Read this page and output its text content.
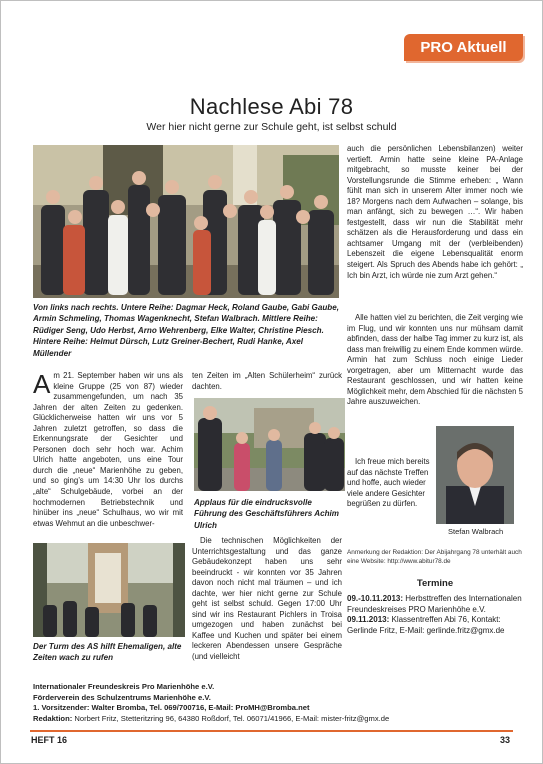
PRO Aktuell
Nachlese Abi 78
Wer hier nicht gerne zur Schule geht, ist selbst schuld
Von links nach rechts. Untere Reihe: Dagmar Heck, Roland Gaube, Gabi Gaube, Armin Schmeling, Thomas Wagenknecht, Stefan Walbrach. Mittlere Reihe: Rüdiger Seng, Udo Herbst, Arno Wehrenberg, Elke Walter, Christine Piesch. Hintere Reihe: Helmut Dürsch, Lutz Greiner-Bechert, Rudi Hanke, Axel Müllender
A m 21. September haben wir uns als kleine Gruppe (25 von 87) wieder zusammengefunden, um nach 35 Jahren der alten Zeiten zu gedenken. Glücklicherweise hatten wir uns vor 5 Jahren zuletzt getroffen, so dass die Erkennungsrate der Gesichter und Personen doch sehr hoch war. Achim Ulrich hatte angeboten, uns eine Tour durch die „neue“ Marienhöhe zu geben, und so ging’s um 14:30 Uhr los durchs „alte“ Schulgebäude, vorbei an der hochmodernen Betriebstechnik und hinüber ins „neue“ Schulhaus, wo wir mit etwas Wehmut an die unbeschwer-
Der Turm des AS hilft Ehemaligen, alte Zeiten wach zu rufen
ten Zeiten im „Alten Schülerheim“ zurück dachten.
Applaus für die eindrucksvolle Führung des Geschäftsführers Achim Ulrich
Die technischen Möglichkeiten der Unterrichtsgestaltung und das ganze Gebäudekonzept haben uns sehr beeindruckt - wir konnten vor 35 Jahren davon noch nicht mal träumen – und ich dachte, wer hier nicht gerne zur Schule geht ist selbst schuld. Gegen 17:00 Uhr sind wir ins Restaurant Pichlers in Troisa umgezogen und haben zunächst bei Kaffee und Kuchen und später bei einem leckeren Abendessen unsere Gespräche (und vielleicht
auch die persönlichen Lebensbilanzen) weiter vertieft. Armin hatte seine kleine PA-Anlage mitgebracht, so musste keiner bei der Vorstellungsrunde die Stimme erheben: „ Wann fühlt man sich in unserem Alter immer noch wie 18? Morgens nach dem Aufwachen – solange, bis man anfängt, sich zu bewegen …“. Wir haben festgestellt, dass wir nun die Stabilität mehr schätzen als die Herausforderung und dass ein achtsamer Umgang mit der (verbleibenden) Lebenszeit die eigene Lebensqualität enorm steigert. Als Spruch des Abends habe ich gehört: „ Ich bin Arzt, ich würde nie zum Arzt gehen.“
Alle hatten viel zu berichten, die Zeit verging wie im Flug, und wir konnten uns nur mühsam damit abfinden, dass der halbe Tag immer zu kurz ist, als dass man freiwillig zu einem Ende kommen würde. Armin hat zum Schluss noch einige Lieder vorgetragen, aber um Mitternacht wurde das Restaurant geschlossen, und wir hatten keine Möglichkeit mehr, dem Abschied für die nächsten 5 Jahre auszuweichen.
Ich freue mich bereits auf das nächste Treffen und hoffe, auch wieder viele andere Gesichter begrüßen zu dürfen.
Stefan Walbrach
Anmerkung der Redaktion: Der Abijahrgang 78 unterhält auch eine Website: http://www.abitur78.de
Termine
09.-10.11.2013: Herbsttreffen des Internationalen Freundeskreises PRO Marienhöhe e.V.
09.11.2013: Klassentreffen Abi 76, Kontakt: Gerlinde Fritz, E-Mail: gerlinde.fritz@gmx.de
Internationaler Freundeskreis Pro Marienhöhe e.V.
Förderverein des Schulzentrums Marienhöhe e.V.
1. Vorsitzender: Walter Bromba, Tel. 069/700716, E-Mail: ProMH@Bromba.net
Redaktion: Norbert Fritz, Stetteritzring 96, 64380 Roßdorf, Tel. 06071/41966, E-Mail: mister-fritz@gmx.de
HEFT 16	33
